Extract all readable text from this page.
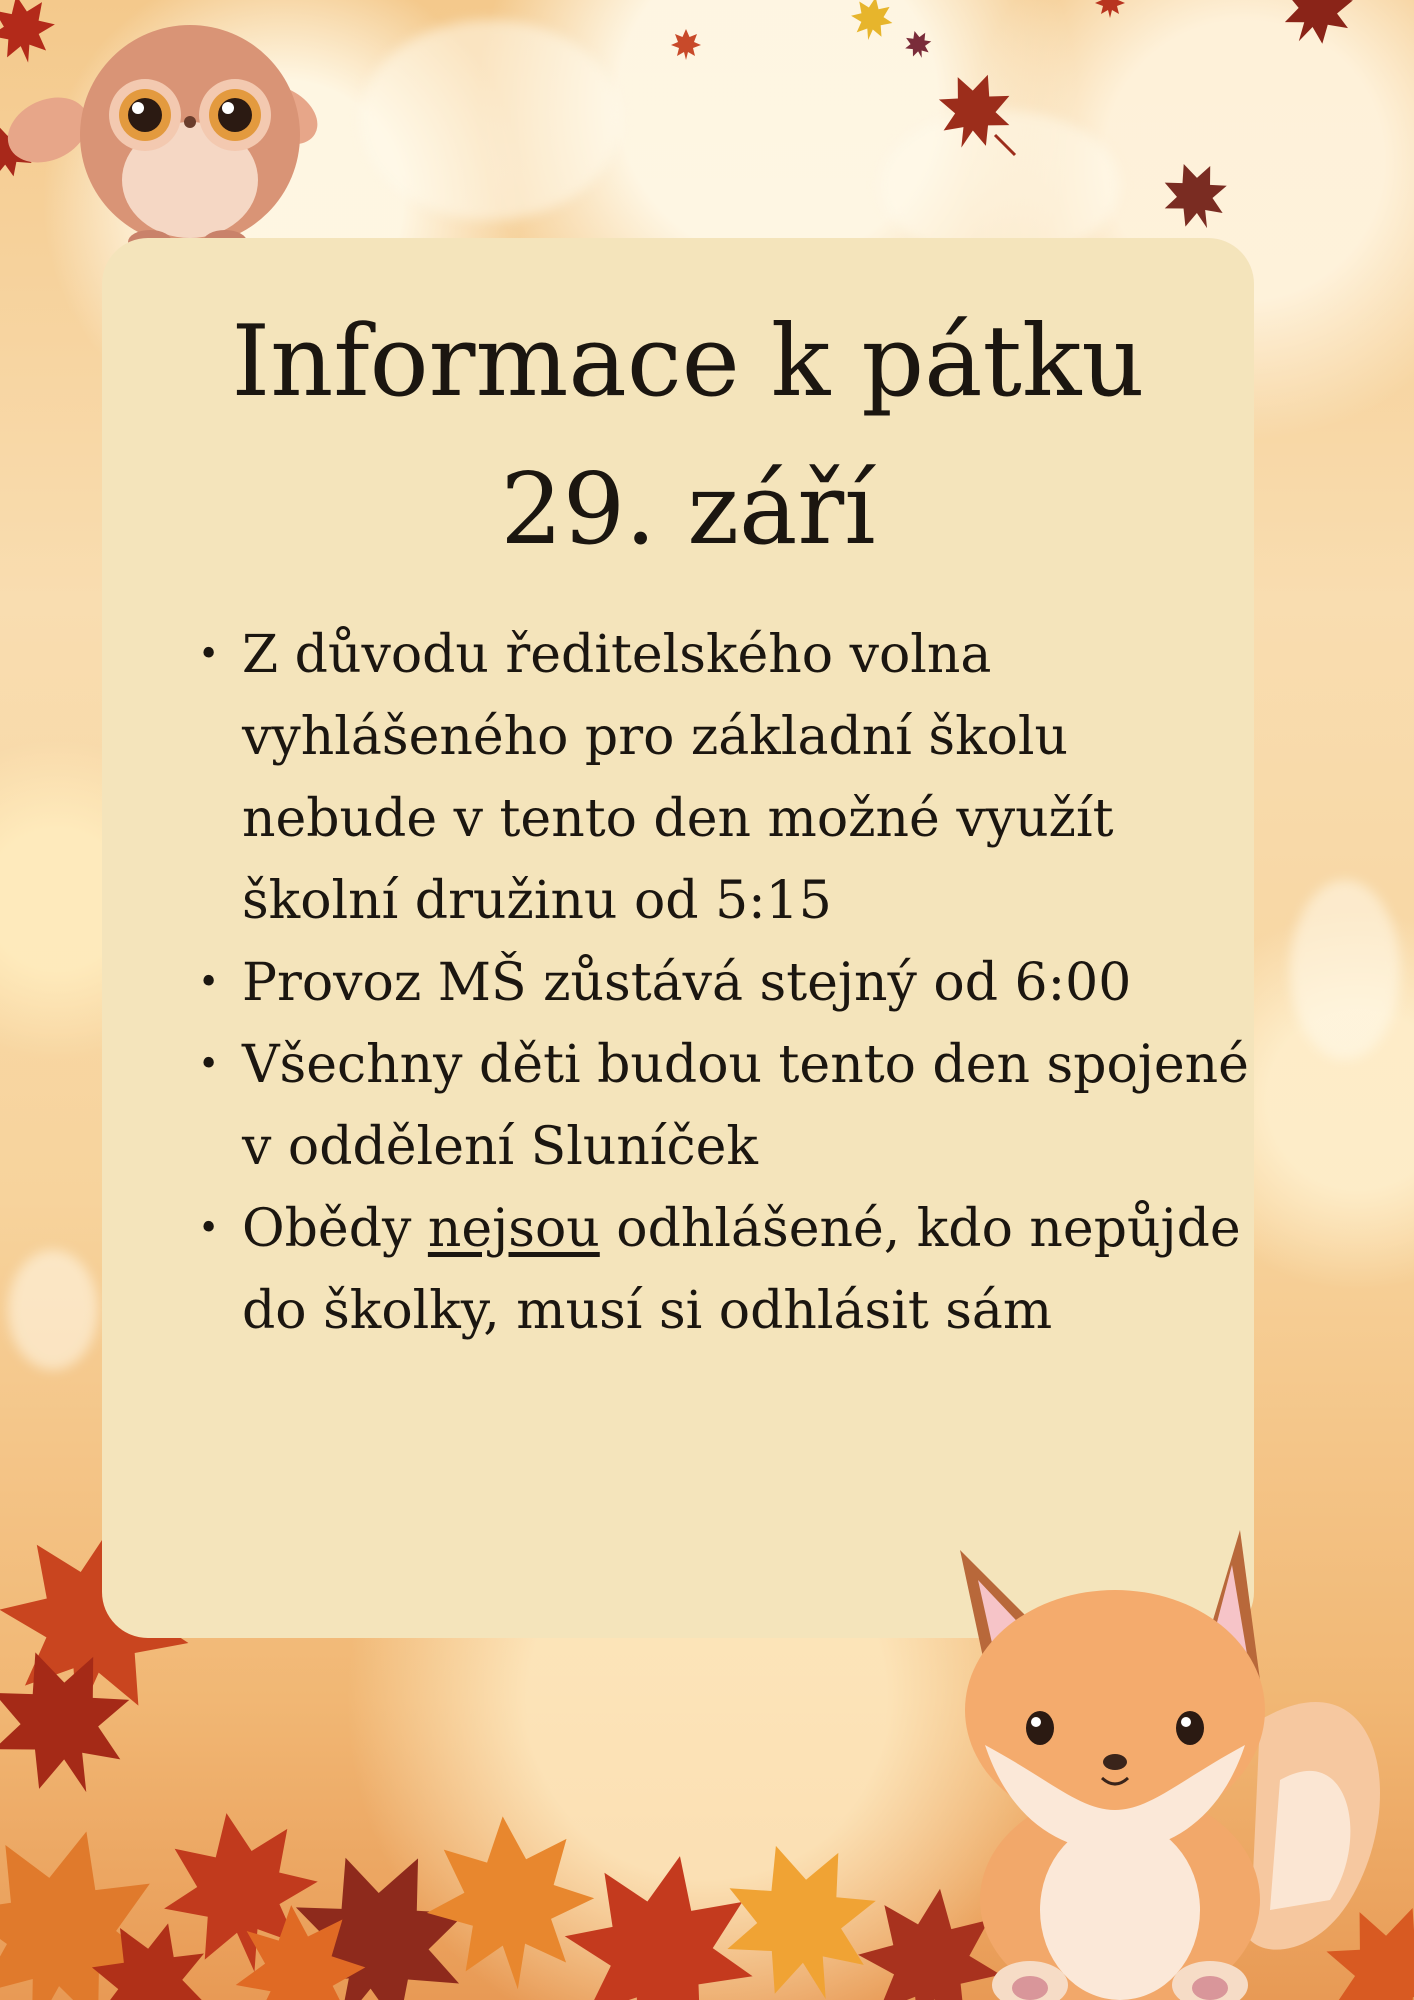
Informace k pátku
29. září
• Z důvodu ředitelského volna vyhlášeného pro základní školu nebude v tento den možné využít školní družinu od 5:15
• Provoz MŠ zůstává stejný od 6:00
• Všechny děti budou tento den spojené v oddělení Sluníček
• Obědy nejsou odhlášené, kdo nepůjde do školky, musí si odhlásit sám
